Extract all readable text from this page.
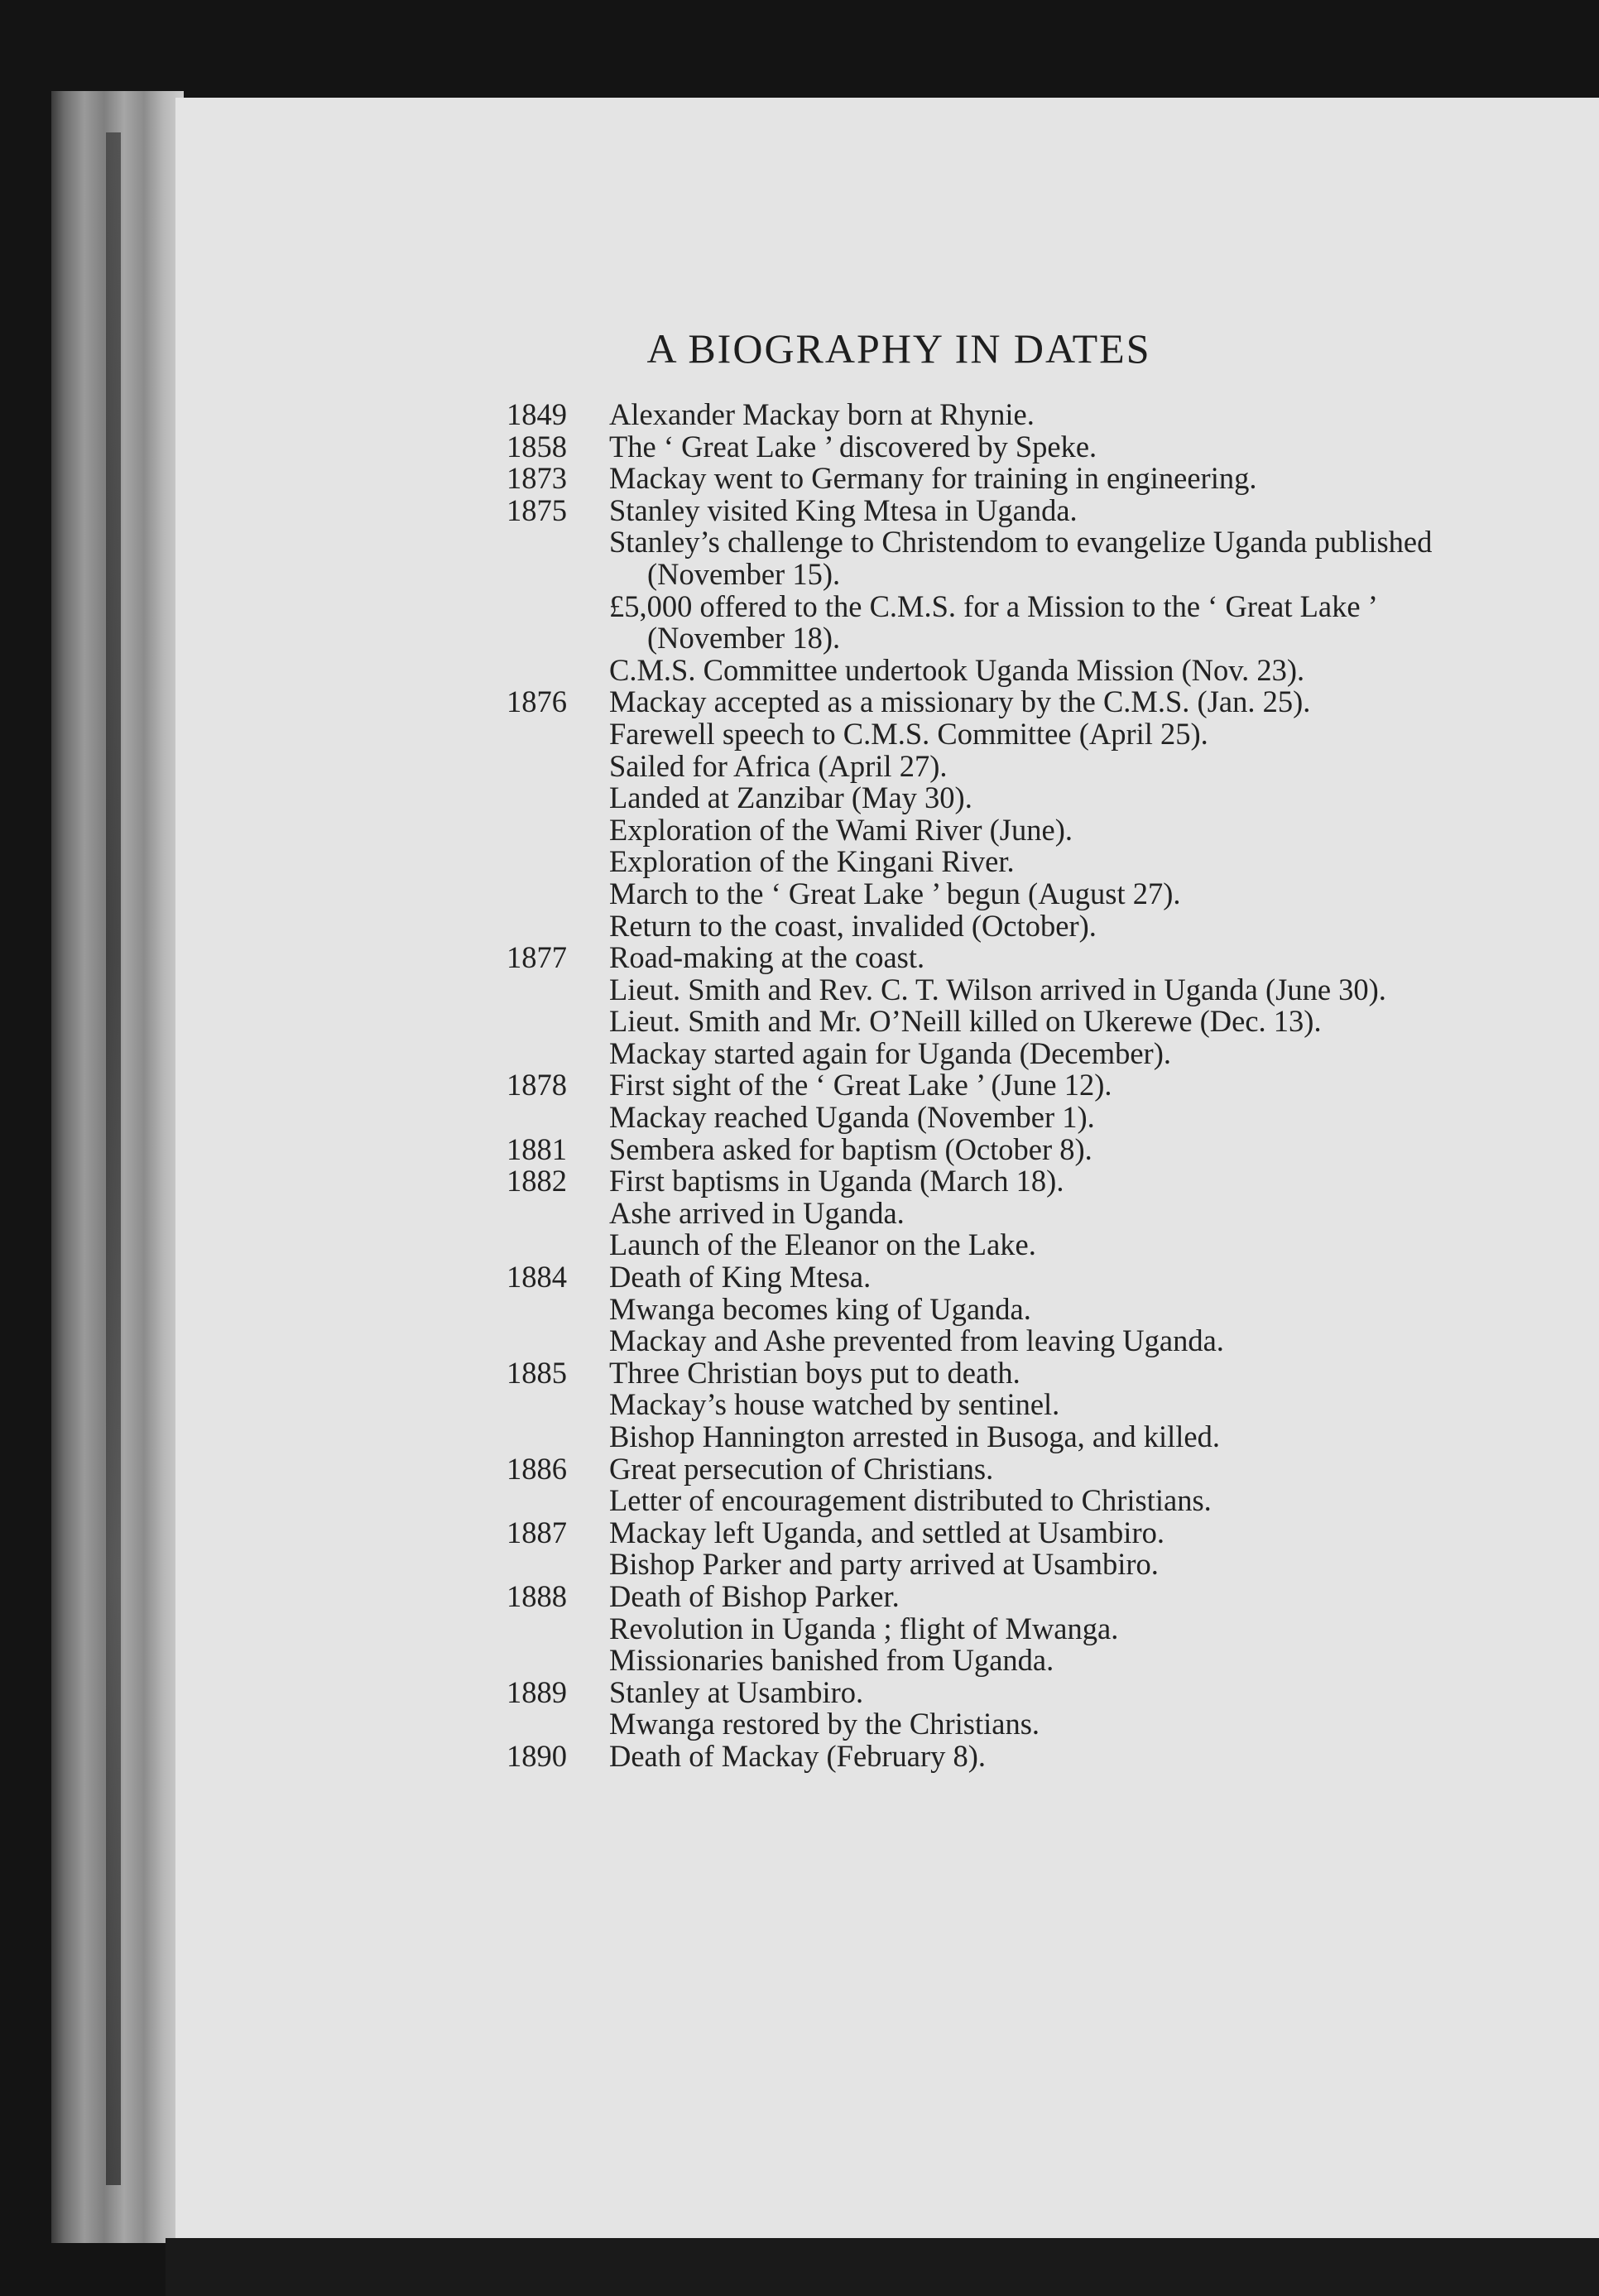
A BIOGRAPHY IN DATES
1849	Alexander Mackay born at Rhynie.
1858	The ‘ Great Lake ’ discovered by Speke.
1873	Mackay went to Germany for training in engineering.
1875	Stanley visited King Mtesa in Uganda.
Stanley’s challenge to Christendom to evangelize Uganda published (November 15).
£5,000 offered to the C.M.S. for a Mission to the ‘ Great Lake ’ (November 18).
C.M.S. Committee undertook Uganda Mission (Nov. 23).
1876	Mackay accepted as a missionary by the C.M.S. (Jan. 25).
Farewell speech to C.M.S. Committee (April 25).
Sailed for Africa (April 27).
Landed at Zanzibar (May 30).
Exploration of the Wami River (June).
Exploration of the Kingani River.
March to the ‘ Great Lake ’ begun (August 27).
Return to the coast, invalided (October).
1877	Road-making at the coast.
Lieut. Smith and Rev. C. T. Wilson arrived in Uganda (June 30).
Lieut. Smith and Mr. O’Neill killed on Ukerewe (Dec. 13).
Mackay started again for Uganda (December).
1878	First sight of the ‘ Great Lake ’ (June 12).
Mackay reached Uganda (November 1).
1881	Sembera asked for baptism (October 8).
1882	First baptisms in Uganda (March 18).
Ashe arrived in Uganda.
Launch of the Eleanor on the Lake.
1884	Death of King Mtesa.
Mwanga becomes king of Uganda.
Mackay and Ashe prevented from leaving Uganda.
1885	Three Christian boys put to death.
Mackay’s house watched by sentinel.
Bishop Hannington arrested in Busoga, and killed.
1886	Great persecution of Christians.
Letter of encouragement distributed to Christians.
1887	Mackay left Uganda, and settled at Usambiro.
Bishop Parker and party arrived at Usambiro.
1888	Death of Bishop Parker.
Revolution in Uganda ; flight of Mwanga.
Missionaries banished from Uganda.
1889	Stanley at Usambiro.
Mwanga restored by the Christians.
1890	Death of Mackay (February 8).
